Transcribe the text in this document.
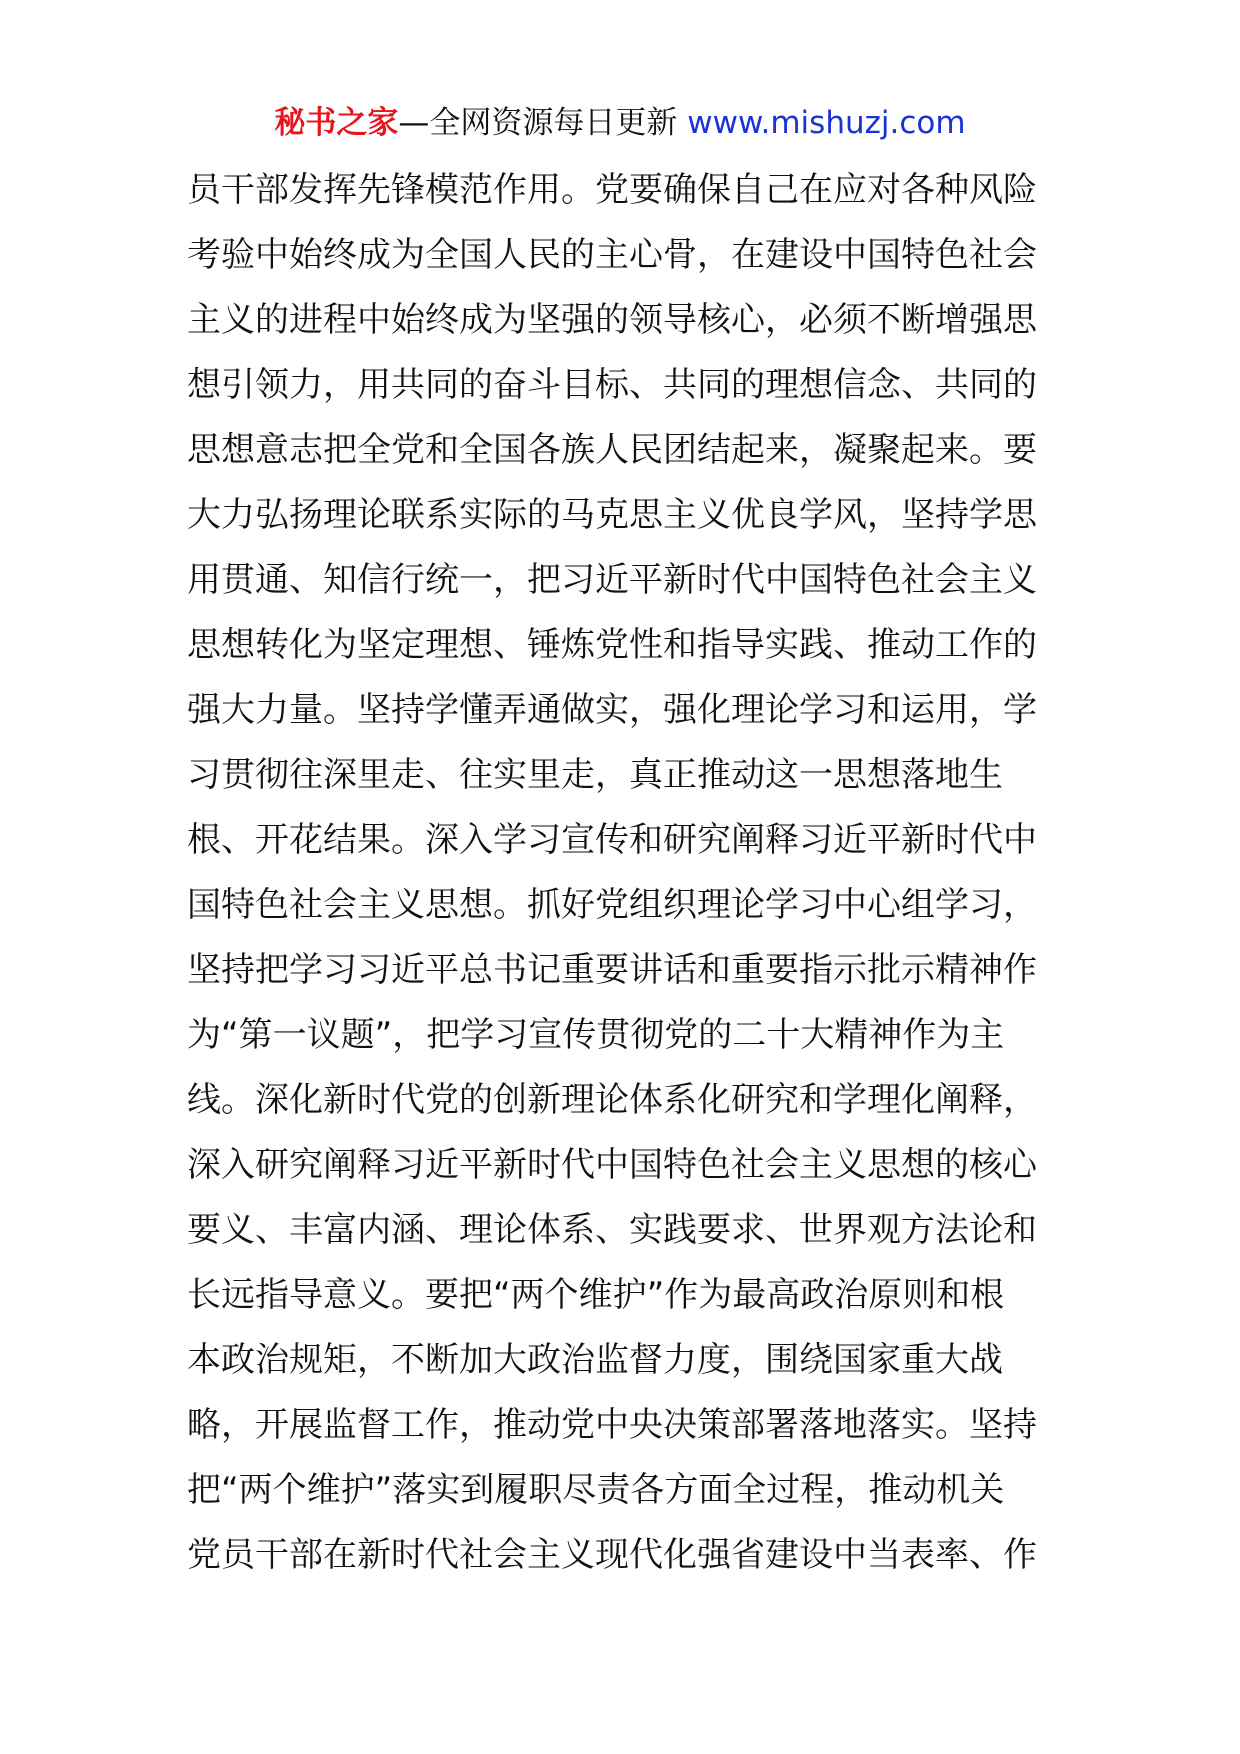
秘书之家—全网资源每日更新 www.mishuzj.com
员干部发挥先锋模范作用。党要确保自己在应对各种风险
考验中始终成为全国人民的主心骨，在建设中国特色社会
主义的进程中始终成为坚强的领导核心，必须不断增强思
想引领力，用共同的奋斗目标、共同的理想信念、共同的
思想意志把全党和全国各族人民团结起来，凝聚起来。要
大力弘扬理论联系实际的马克思主义优良学风，坚持学思
用贯通、知信行统一，把习近平新时代中国特色社会主义
思想转化为坚定理想、锤炼党性和指导实践、推动工作的
强大力量。坚持学懂弄通做实，强化理论学习和运用，学
习贯彻往深里走、往实里走，真正推动这一思想落地生
根、开花结果。深入学习宣传和研究阐释习近平新时代中
国特色社会主义思想。抓好党组织理论学习中心组学习，
坚持把学习习近平总书记重要讲话和重要指示批示精神作
为“第一议题”，把学习宣传贯彻党的二十大精神作为主
线。深化新时代党的创新理论体系化研究和学理化阐释，
深入研究阐释习近平新时代中国特色社会主义思想的核心
要义、丰富内涵、理论体系、实践要求、世界观方法论和
长远指导意义。要把“两个维护”作为最高政治原则和根
本政治规矩，不断加大政治监督力度，围绕国家重大战
略，开展监督工作，推动党中央决策部署落地落实。坚持
把“两个维护”落实到履职尽责各方面全过程，推动机关
党员干部在新时代社会主义现代化强省建设中当表率、作
